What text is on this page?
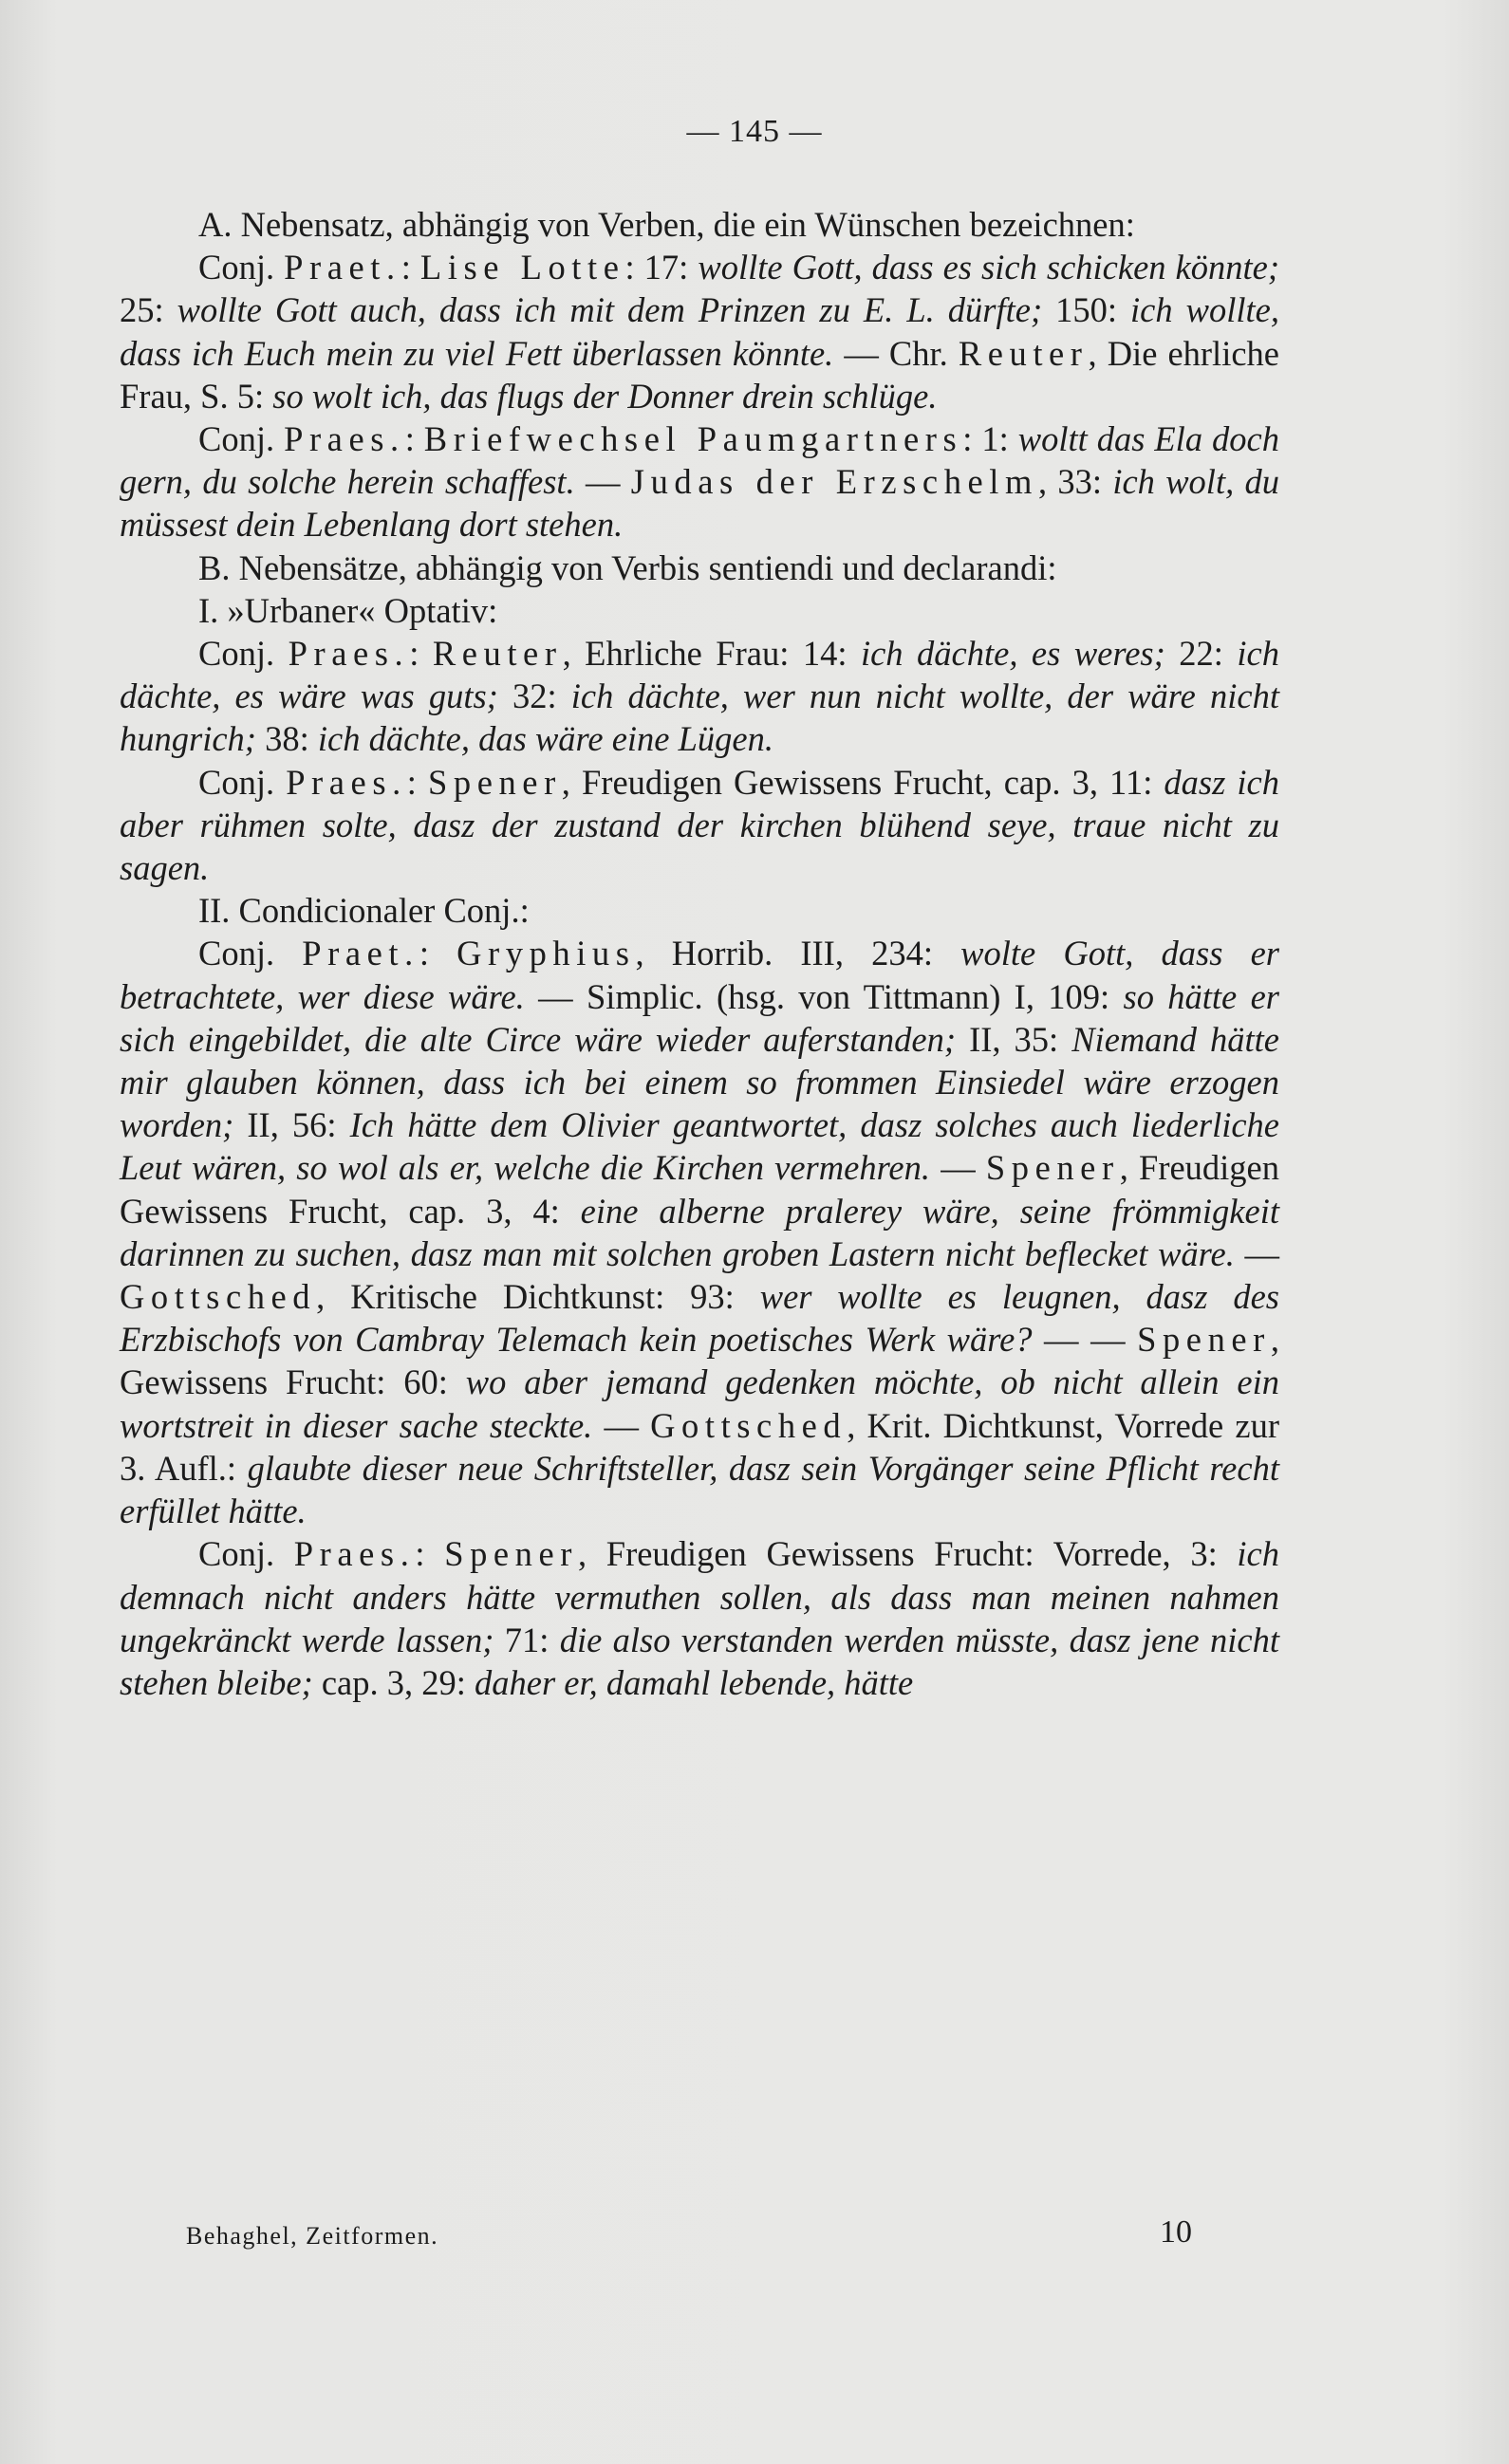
— 145 —

A. Nebensatz, abhängig von Verben, die ein Wünschen bezeichnen:

Conj. Praet.: Lise Lotte: 17: wollte Gott, dass es sich schicken könnte; 25: wollte Gott auch, dass ich mit dem Prinzen zu E. L. dürfte; 150: ich wollte, dass ich Euch mein zu viel Fett überlassen könnte. — Chr. Reuter, Die ehrliche Frau, S. 5: so wolt ich, das flugs der Donner drein schlüge.

Conj. Praes.: Briefwechsel Paumgartners: 1: woltt das Ela doch gern, du solche herein schaffest. — Judas der Erzschelm, 33: ich wolt, du müssest dein Lebenlang dort stehen.

B. Nebensätze, abhängig von Verbis sentiendi und declarandi:

I. »Urbaner« Optativ:

Conj. Praes.: Reuter, Ehrliche Frau: 14: ich dächte, es weres; 22: ich dächte, es wäre was guts; 32: ich dächte, wer nun nicht wollte, der wäre nicht hungrich; 38: ich dächte, das wäre eine Lügen.

Conj. Praes.: Spener, Freudigen Gewissens Frucht, cap. 3, 11: dasz ich aber rühmen solte, dasz der zustand der kirchen blühend seye, traue nicht zu sagen.

II. Condicionaler Conj.:

Conj. Praet.: Gryphius, Horrib. III, 234: wolte Gott, dass er betrachtete, wer diese wäre. — Simplic. (hsg. von Tittmann) I, 109: so hätte er sich eingebildet, die alte Circe wäre wieder auferstanden; II, 35: Niemand hätte mir glauben können, dass ich bei einem so frommen Einsiedel wäre erzogen worden; II, 56: Ich hätte dem Olivier geantwortet, dasz solches auch liederliche Leut wären, so wol als er, welche die Kirchen vermehren. — Spener, Freudigen Gewissens Frucht, cap. 3, 4: eine alberne pralerey wäre, seine frömmigkeit darinnen zu suchen, dasz man mit solchen groben Lastern nicht beflecket wäre. — Gottsched, Kritische Dichtkunst: 93: wer wollte es leugnen, dasz des Erzbischofs von Cambray Telemach kein poetisches Werk wäre? — — Spener, Gewissens Frucht: 60: wo aber jemand gedenken möchte, ob nicht allein ein wortstreit in dieser sache steckte. — Gottsched, Krit. Dichtkunst, Vorrede zur 3. Aufl.: glaubte dieser neue Schriftsteller, dasz sein Vorgänger seine Pflicht recht erfüllet hätte.

Conj. Praes.: Spener, Freudigen Gewissens Frucht: Vorrede, 3: ich demnach nicht anders hätte vermuthen sollen, als dass man meinen nahmen ungekränckt werde lassen; 71: die also verstanden werden müsste, dasz jene nicht stehen bleibe; cap. 3, 29: daher er, damahl lebende, hätte

Behaghel, Zeitformen.	10
